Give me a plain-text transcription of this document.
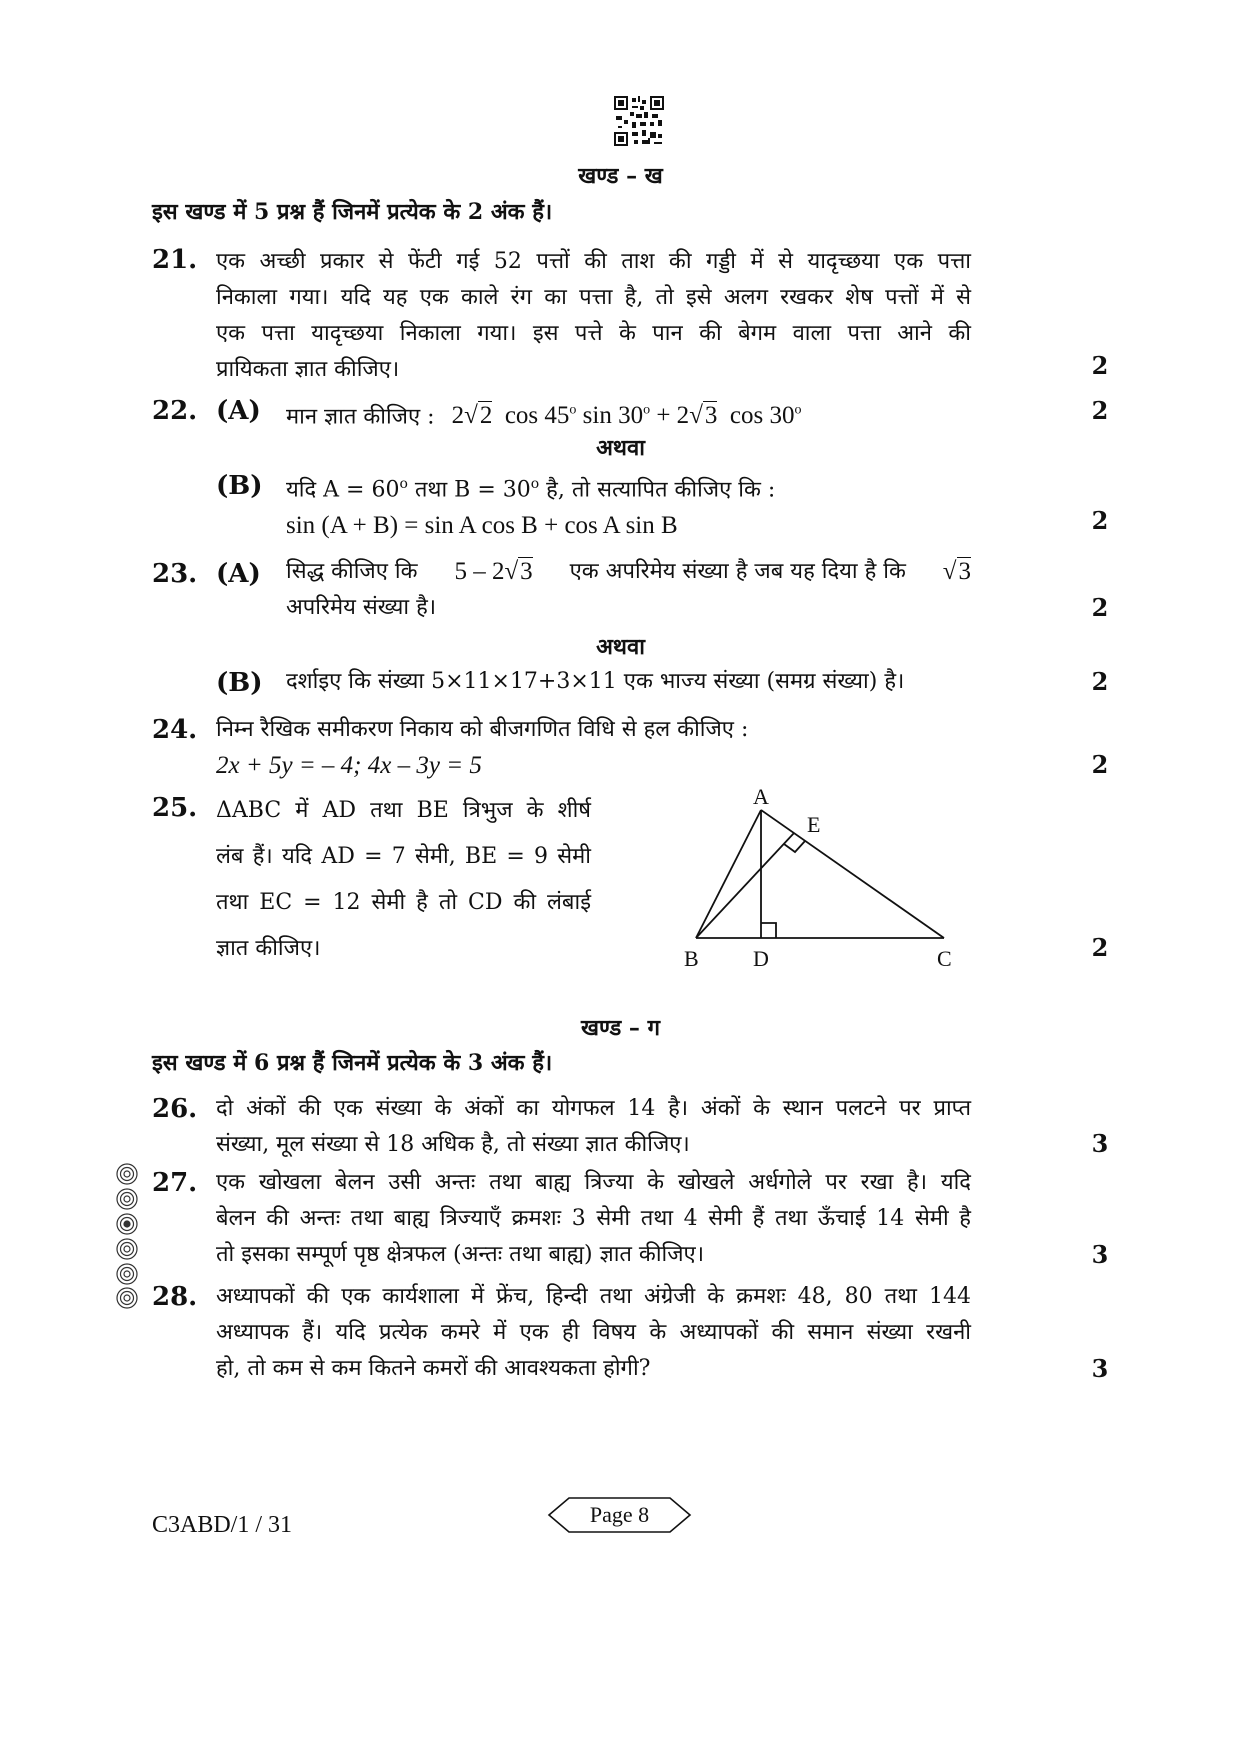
खण्ड – ख
इस खण्ड में 5 प्रश्न हैं जिनमें प्रत्येक के 2 अंक हैं।
21. एक अच्छी प्रकार से फेंटी गई 52 पत्तों की ताश की गड्डी में से यादृच्छया एक पत्ता
निकाला गया। यदि यह एक काले रंग का पत्ता है, तो इसे अलग रखकर शेष पत्तों में से
एक पत्ता यादृच्छया निकाला गया। इस पत्ते के पान की बेगम वाला पत्ता आने की
प्रायिकता ज्ञात कीजिए।	2
22. (A) मान ज्ञात कीजिए : 2√2 cos 45$^o$ $\sin 30^o + 2√3$ cos 30$^o$	2
अथवा
(B) यदि $A = 60^o$ तथा $B = 30^o$ है, तो सत्यापित कीजिए कि :
sin (A + B) = sin A cos B + cos A sin B	2
23. (A) सिद्ध कीजिए कि 5 – 2√3 एक अपरिमेय संख्या है जब यह दिया है कि √3
अपरिमेय संख्या है।	2
अथवा
(B) दर्शाइए कि संख्या 5×11×17+3×11 एक भाज्य संख्या (समग्र संख्या) है।	2
24. निम्न रैखिक समीकरण निकाय को बीजगणित विधि से हल कीजिए :
2x + 5y = – 4; 4x – 3y = 5	2
25. ΔABC में AD तथा BE त्रिभुज के शीर्ष
लंब हैं। यदि AD = 7 सेमी, BE = 9 सेमी
तथा EC = 12 सेमी है तो CD की लंबाई
ज्ञात कीजिए।
A
E
B D	C	2
खण्ड – ग
इस खण्ड में 6 प्रश्न हैं जिनमें प्रत्येक के 3 अंक हैं।
26. दो अंकों की एक संख्या के अंकों का योगफल 14 है। अंकों के स्थान पलटने पर प्राप्त
संख्या, मूल संख्या से 18 अधिक है, तो संख्या ज्ञात कीजिए।	3
27. एक खोखला बेलन उसी अन्तः तथा बाह्य त्रिज्या के खोखले अर्धगोले पर रखा है। यदि
बेलन की अन्तः तथा बाह्य त्रिज्याएँ क्रमशः 3 सेमी तथा 4 सेमी हैं तथा ऊँचाई 14 सेमी है
तो इसका सम्पूर्ण पृष्ठ क्षेत्रफल (अन्तः तथा बाह्य) ज्ञात कीजिए।	3
28. अध्यापकों की एक कार्यशाला में फ्रेंच, हिन्दी तथा अंग्रेजी के क्रमशः 48, 80 तथा 144
अध्यापक हैं। यदि प्रत्येक कमरे में एक ही विषय के अध्यापकों की समान संख्या रखनी
हो, तो कम से कम कितने कमरों की आवश्यकता होगी?	3
C3ABD/1 / 31	Page 8
